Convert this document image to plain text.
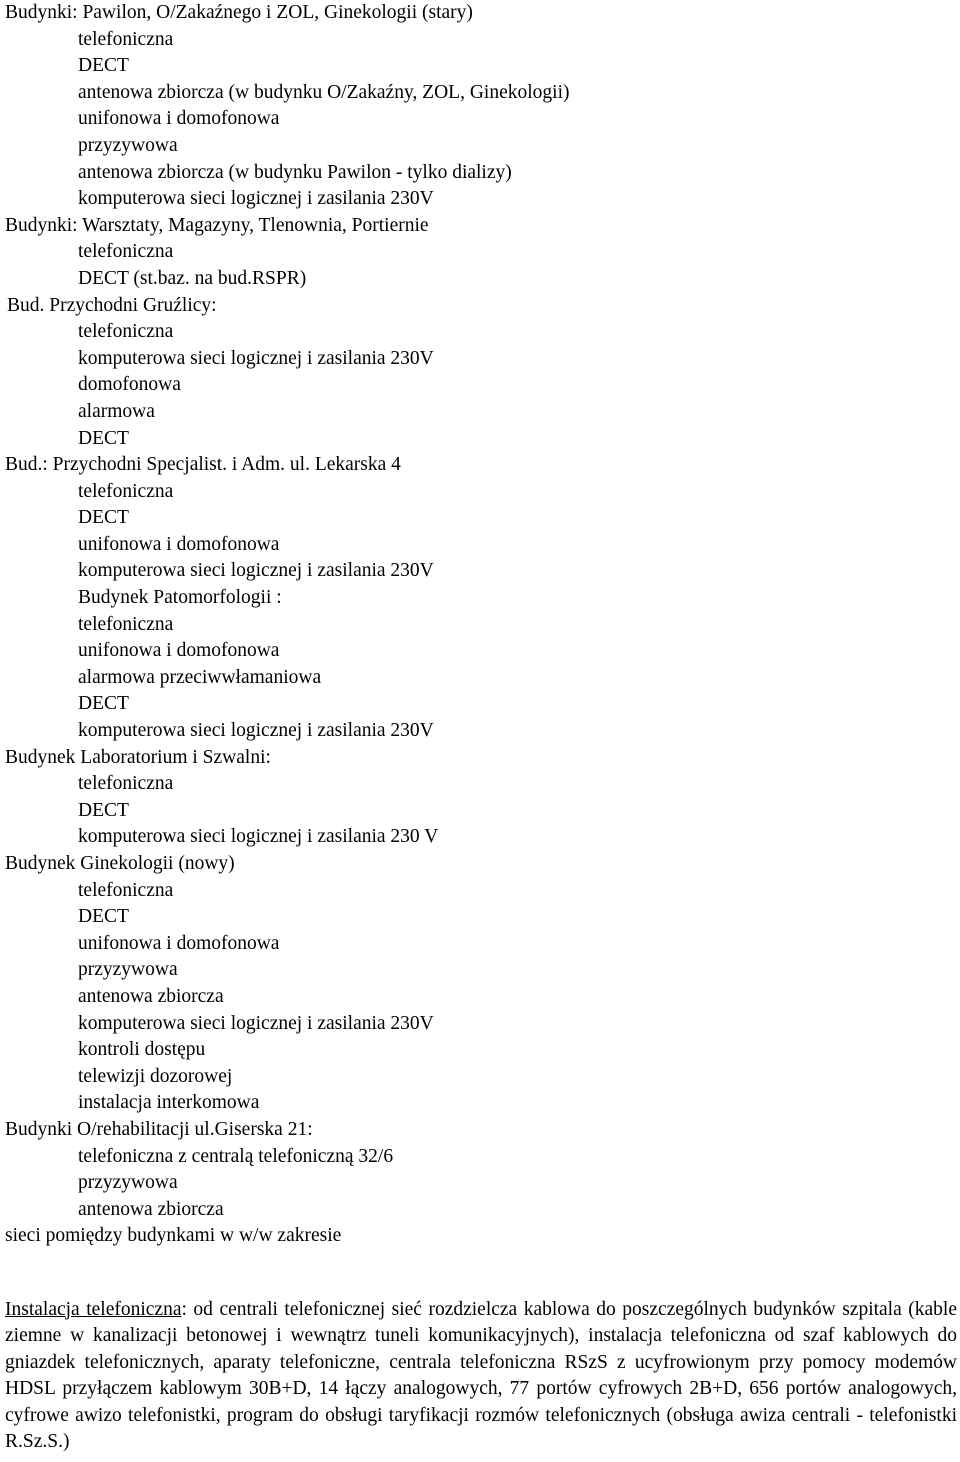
Budynki: Pawilon, O/Zakaźnego i ZOL, Ginekologii (stary)
telefoniczna
DECT
antenowa zbiorcza (w budynku O/Zakaźny, ZOL, Ginekologii)
unifonowa i domofonowa
przyzywowa
antenowa zbiorcza (w budynku Pawilon - tylko dializy)
komputerowa sieci logicznej i zasilania 230V
Budynki: Warsztaty, Magazyny, Tlenownia, Portiernie
telefoniczna
DECT (st.baz. na bud.RSPR)
Bud. Przychodni Gruźlicy:
telefoniczna
komputerowa sieci logicznej i zasilania 230V
domofonowa
alarmowa
DECT
Bud.: Przychodni Specjalist. i Adm. ul. Lekarska 4
telefoniczna
DECT
unifonowa i domofonowa
komputerowa sieci logicznej i zasilania 230V
Budynek Patomorfologii :
telefoniczna
unifonowa i domofonowa
alarmowa przeciwwłamaniowa
DECT
komputerowa sieci logicznej i zasilania 230V
Budynek Laboratorium i Szwalni:
telefoniczna
DECT
komputerowa sieci logicznej i zasilania 230 V
Budynek Ginekologii (nowy)
telefoniczna
DECT
unifonowa i domofonowa
przyzywowa
antenowa zbiorcza
komputerowa sieci logicznej i zasilania 230V
kontroli dostępu
telewizji dozorowej
instalacja interkomowa
Budynki O/rehabilitacji ul.Giserska 21:
telefoniczna z centralą telefoniczną 32/6
przyzywowa
antenowa zbiorcza
sieci pomiędzy budynkami w w/w zakresie

Instalacja telefoniczna: od centrali telefonicznej sieć rozdzielcza kablowa do poszczególnych budynków szpitala (kable ziemne w kanalizacji betonowej i wewnątrz tuneli komunikacyjnych), instalacja telefoniczna od szaf kablowych do gniazdek telefonicznych, aparaty telefoniczne, centrala telefoniczna RSzS z ucyfrowionym przy pomocy modemów HDSL przyłączem kablowym 30B+D, 14 łączy analogowych, 77 portów cyfrowych 2B+D, 656 portów analogowych, cyfrowe awizo telefonistki, program do obsługi taryfikacji rozmów telefonicznych (obsługa awiza centrali - telefonistki R.Sz.S.)
